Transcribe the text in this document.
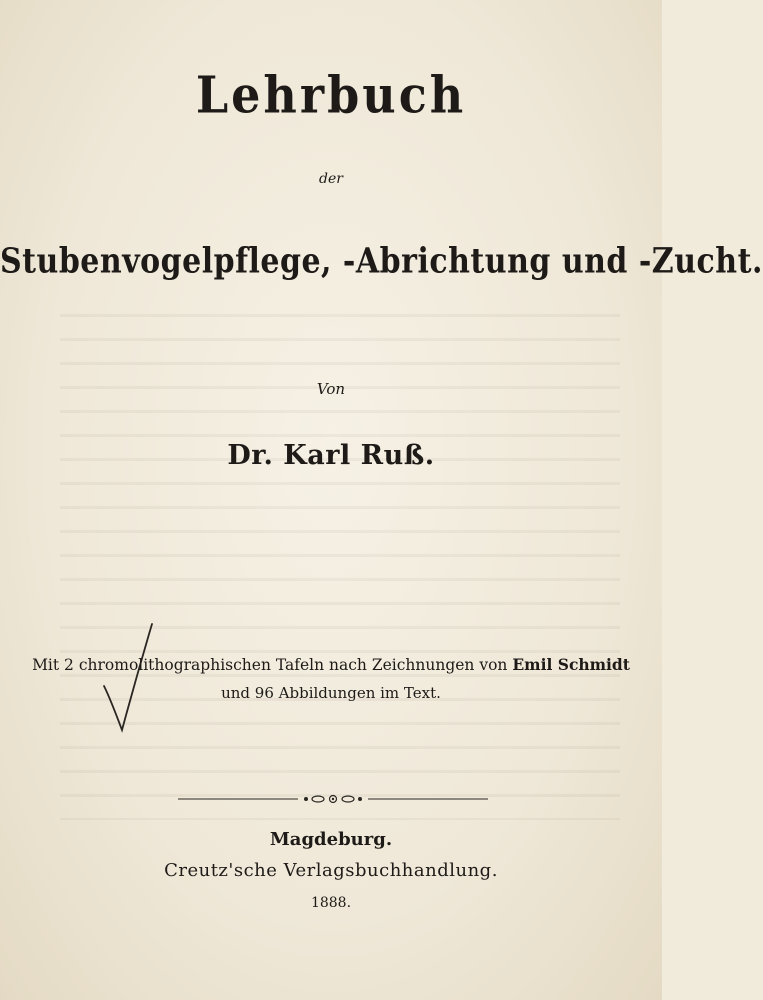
Lehrbuch
der
Stubenvogelpflege, -Abrichtung und -Zucht.
Von
Dr. Karl Ruß.
Mit 2 chromolithographischen Tafeln nach Zeichnungen von Emil Schmidt
und 96 Abbildungen im Text.
Magdeburg.
Creutz'sche Verlagsbuchhandlung.
1888.
